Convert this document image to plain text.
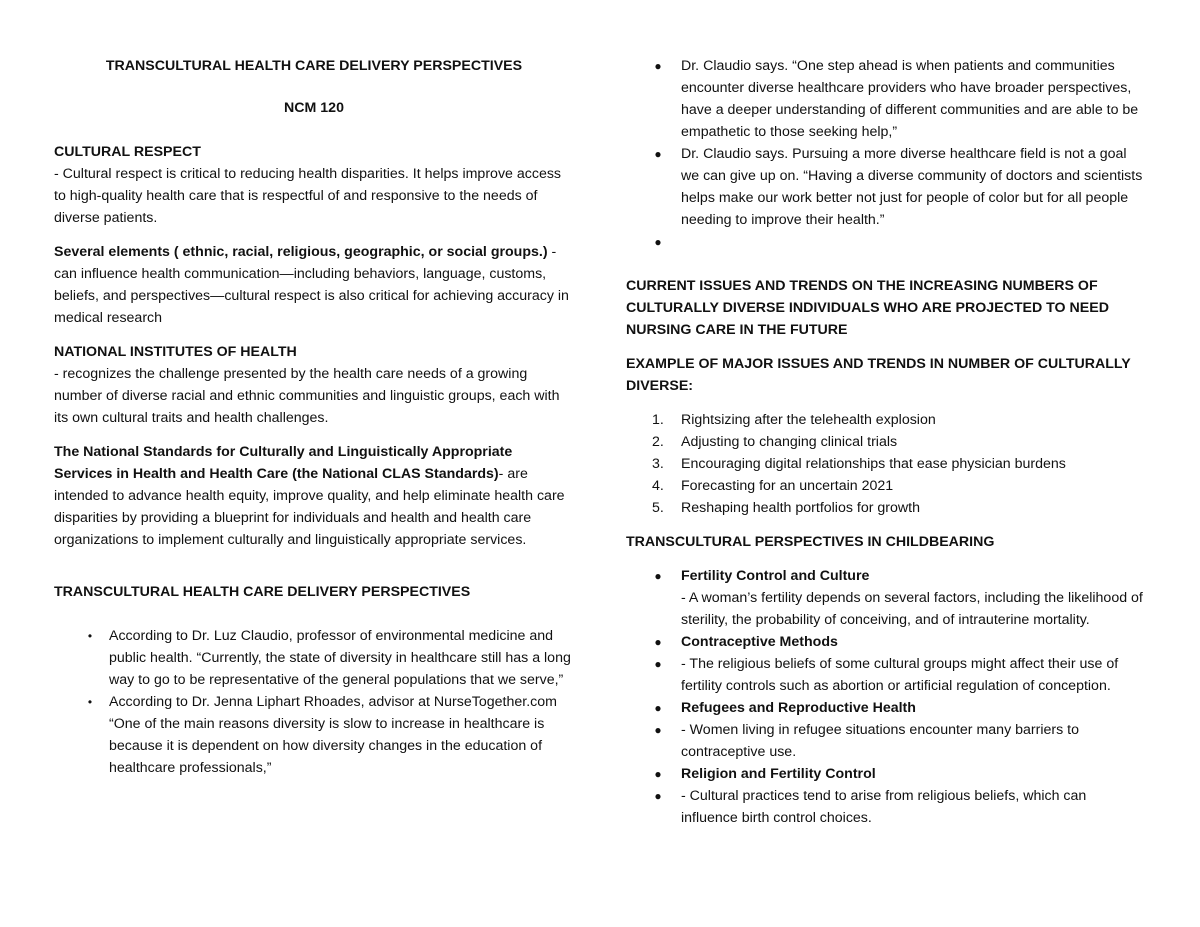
TRANSCULTURAL HEALTH CARE DELIVERY PERSPECTIVES

NCM 120

CULTURAL RESPECT

- Cultural respect is critical to reducing health disparities. It helps improve access to high-quality health care that is respectful of and responsive to the needs of diverse patients.

Several elements ( ethnic, racial, religious, geographic, or social groups.) - can influence health communication—including behaviors, language, customs, beliefs, and perspectives—cultural respect is also critical for achieving accuracy in medical research

NATIONAL INSTITUTES OF HEALTH

- recognizes the challenge presented by the health care needs of a growing number of diverse racial and ethnic communities and linguistic groups, each with its own cultural traits and health challenges.

The National Standards for Culturally and Linguistically Appropriate Services in Health and Health Care (the National CLAS Standards)- are intended to advance health equity, improve quality, and help eliminate health care disparities by providing a blueprint for individuals and health and health care organizations to implement culturally and linguistically appropriate services.

TRANSCULTURAL HEALTH CARE DELIVERY PERSPECTIVES

• According to Dr. Luz Claudio, professor of environmental medicine and public health. “Currently, the state of diversity in healthcare still has a long way to go to be representative of the general populations that we serve,”
• According to Dr. Jenna Liphart Rhoades, advisor at NurseTogether.com “One of the main reasons diversity is slow to increase in healthcare is because it is dependent on how diversity changes in the education of healthcare professionals,”
● Dr. Claudio says. “One step ahead is when patients and communities encounter diverse healthcare providers who have broader perspectives, have a deeper understanding of different communities and are able to be empathetic to those seeking help,”
● Dr. Claudio says. Pursuing a more diverse healthcare field is not a goal we can give up on. “Having a diverse community of doctors and scientists helps make our work better not just for people of color but for all people needing to improve their health.”
●

CURRENT ISSUES AND TRENDS ON THE INCREASING NUMBERS OF CULTURALLY DIVERSE INDIVIDUALS WHO ARE PROJECTED TO NEED NURSING CARE IN THE FUTURE

EXAMPLE OF MAJOR ISSUES AND TRENDS IN NUMBER OF CULTURALLY DIVERSE:

1. Rightsizing after the telehealth explosion
2. Adjusting to changing clinical trials
3. Encouraging digital relationships that ease physician burdens
4. Forecasting for an uncertain 2021
5. Reshaping health portfolios for growth

TRANSCULTURAL PERSPECTIVES IN CHILDBEARING

● Fertility Control and Culture

- A woman’s fertility depends on several factors, including the likelihood of sterility, the probability of conceiving, and of intrauterine mortality.

● Contraceptive Methods
● - The religious beliefs of some cultural groups might affect their use of fertility controls such as abortion or artificial regulation of conception.
● Refugees and Reproductive Health
● - Women living in refugee situations encounter many barriers to contraceptive use.
● Religion and Fertility Control
● - Cultural practices tend to arise from religious beliefs, which can influence birth control choices.
